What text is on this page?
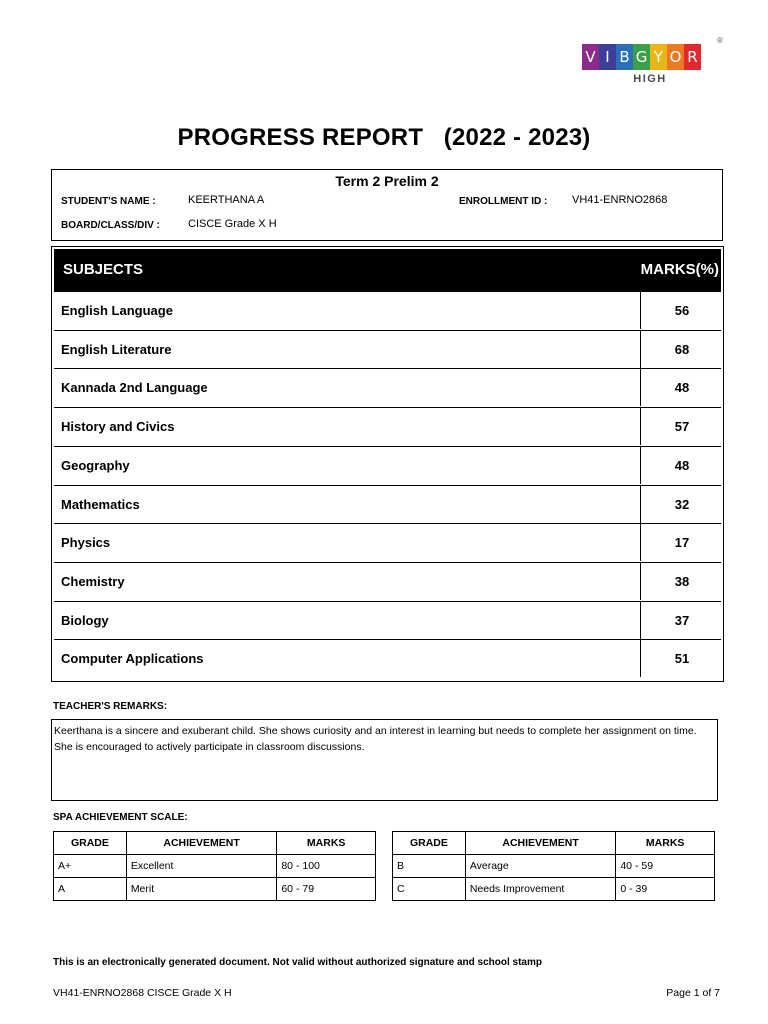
V I B G Y O R
HIGH
®
PROGRESS REPORT   (2022 - 2023)
Term 2 Prelim 2
STUDENT'S NAME :	KEERTHANA A	ENROLLMENT ID : VH41-ENRNO2868
BOARD/CLASS/DIV :	CISCE Grade X H
SUBJECTS	MARKS(%)
English Language	56
English Literature	68
Kannada 2nd Language	48
History and Civics	57
Geography	48
Mathematics	32
Physics	17
Chemistry	38
Biology	37
Computer Applications	51
TEACHER'S REMARKS:
Keerthana is a sincere and exuberant child. She shows curiosity and an interest in learning but needs to complete her assignment on time. She is encouraged to actively participate in classroom discussions.
SPA ACHIEVEMENT SCALE:
GRADE	ACHIEVEMENT	MARKS
A+	Excellent	80 - 100
A	Merit	60 - 79
GRADE	ACHIEVEMENT	MARKS
B	Average	40 - 59
C	Needs Improvement	0 - 39
This is an electronically generated document. Not valid without authorized signature and school stamp
VH41-ENRNO2868 CISCE Grade X H	Page 1 of 7
